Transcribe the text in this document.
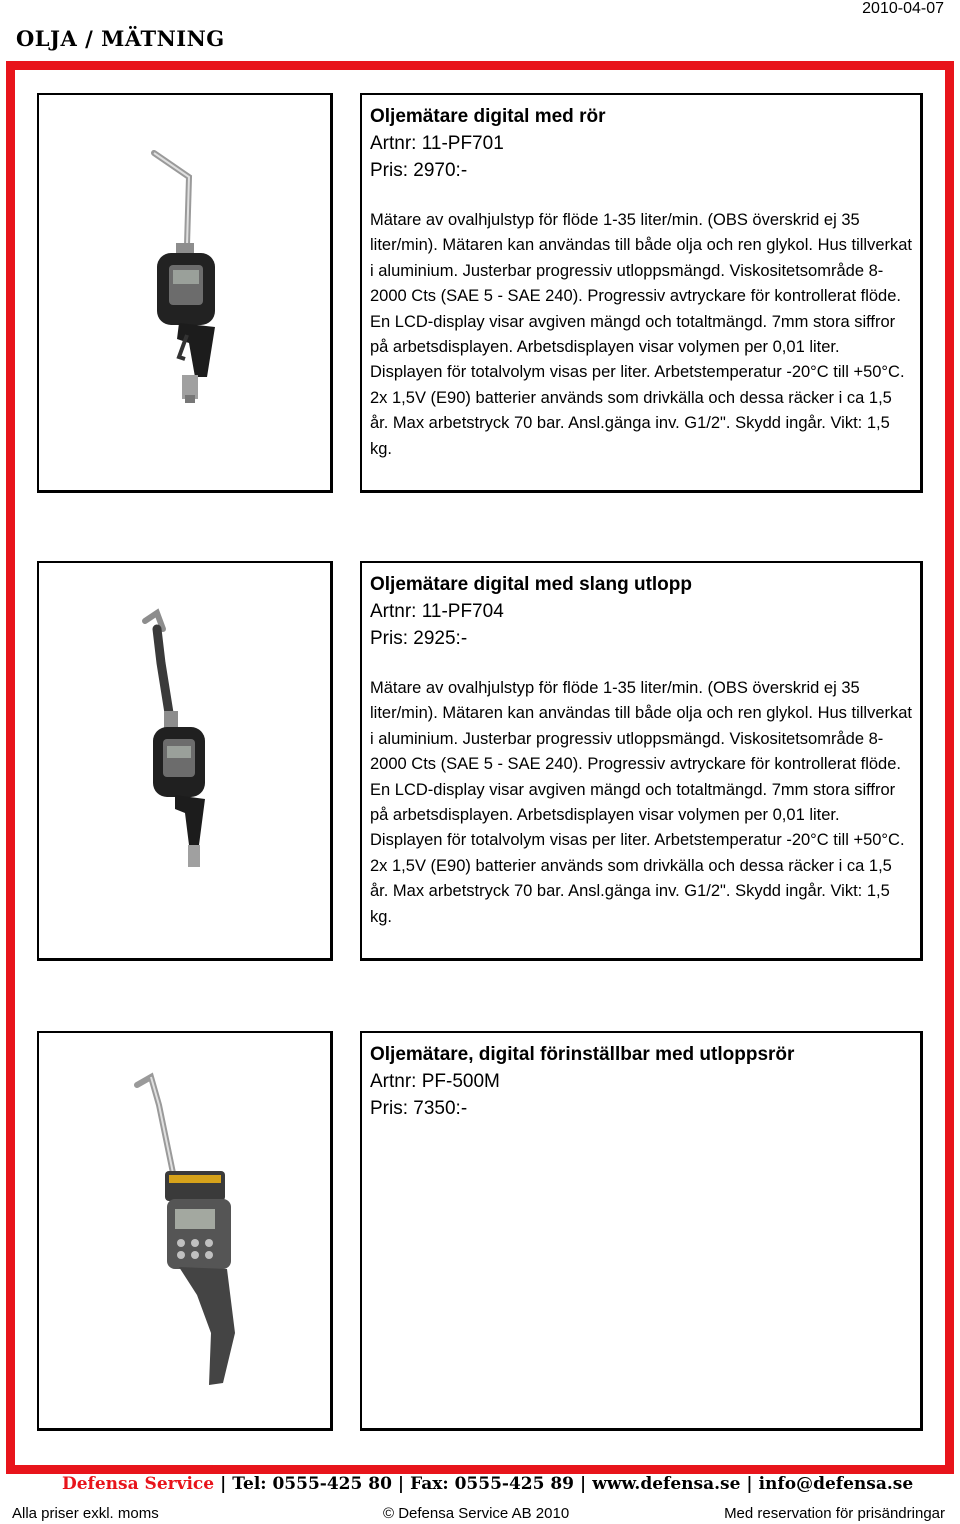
2010-04-07
OLJA / MÄTNING
Oljemätare digital med rör
Artnr: 11-PF701
Pris: 2970:-
Mätare av ovalhjulstyp för flöde 1-35 liter/min. (OBS överskrid ej 35 liter/min). Mätaren kan användas till både olja och ren glykol. Hus tillverkat i aluminium. Justerbar progressiv utloppsmängd. Viskositetsområde 8-2000 Cts (SAE 5 - SAE 240). Progressiv avtryckare för kontrollerat flöde. En LCD-display visar avgiven mängd och totaltmängd. 7mm stora siffror på arbetsdisplayen. Arbetsdisplayen visar volymen per 0,01 liter. Displayen för totalvolym visas per liter. Arbetstemperatur -20°C till +50°C. 2x 1,5V (E90) batterier används som drivkälla och dessa räcker i ca 1,5 år. Max arbetstryck 70 bar. Ansl.gänga inv. G1/2". Skydd ingår. Vikt: 1,5 kg.
Oljemätare digital med slang utlopp
Artnr: 11-PF704
Pris: 2925:-
Mätare av ovalhjulstyp för flöde 1-35 liter/min. (OBS överskrid ej 35 liter/min). Mätaren kan användas till både olja och ren glykol. Hus tillverkat i aluminium. Justerbar progressiv utloppsmängd. Viskositetsområde 8-2000 Cts (SAE 5 - SAE 240). Progressiv avtryckare för kontrollerat flöde. En LCD-display visar avgiven mängd och totaltmängd. 7mm stora siffror på arbetsdisplayen. Arbetsdisplayen visar volymen per 0,01 liter. Displayen för totalvolym visas per liter. Arbetstemperatur -20°C till +50°C. 2x 1,5V (E90) batterier används som drivkälla och dessa räcker i ca 1,5 år. Max arbetstryck 70 bar. Ansl.gänga inv. G1/2". Skydd ingår. Vikt: 1,5 kg.
Oljemätare, digital förinställbar med utloppsrör
Artnr: PF-500M
Pris: 7350:-
Defensa Service | Tel: 0555-425 80 | Fax: 0555-425 89 | www.defensa.se | info@defensa.se
Alla priser exkl. moms	© Defensa Service AB 2010	Med reservation för prisändringar
